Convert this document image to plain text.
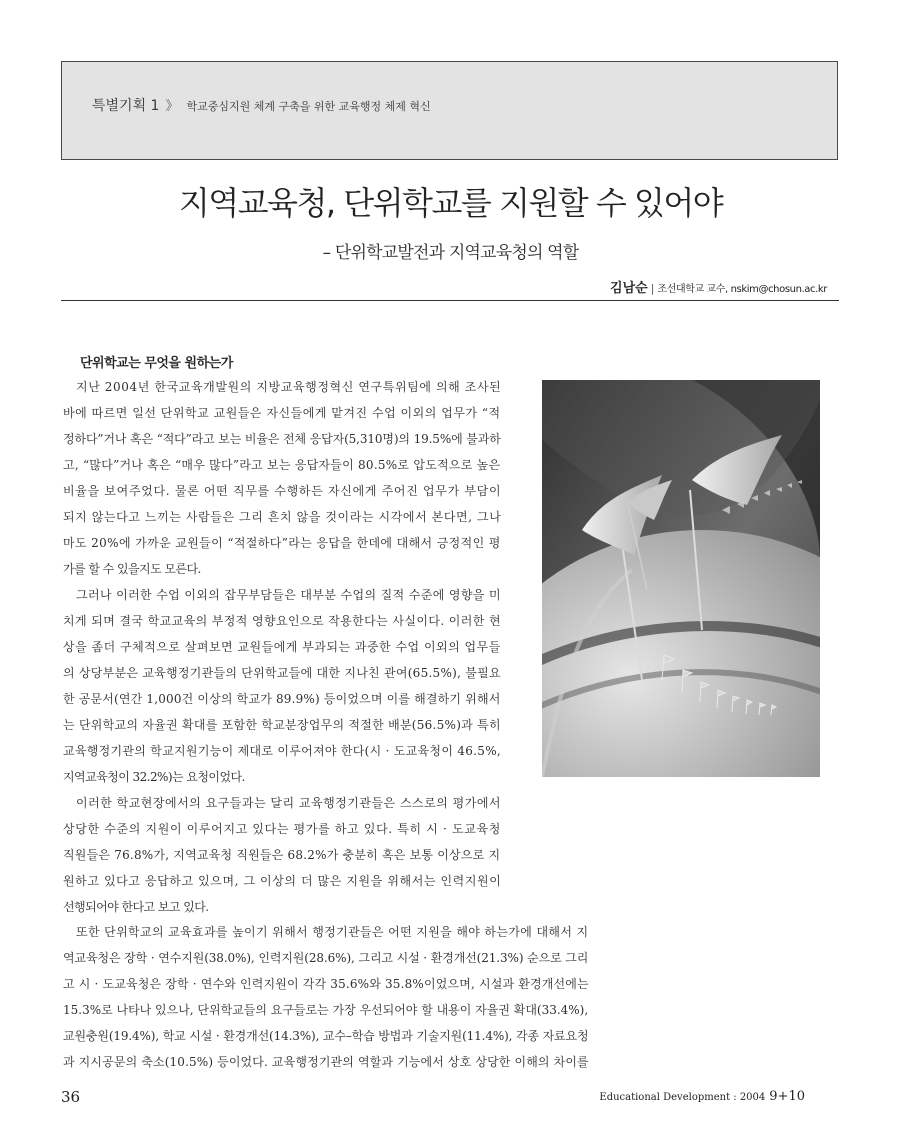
특별기획 1 》 학교중심지원 체계 구축을 위한 교육행정 체제 혁신
지역교육청, 단위학교를 지원할 수 있어야
– 단위학교발전과 지역교육청의 역할
김남순 | 조선대학교 교수, nskim@chosun.ac.kr
단위학교는 무엇을 원하는가
지난 2004년 한국교육개발원의 지방교육행정혁신 연구특위팀에 의해 조사된
바에 따르면 일선 단위학교 교원들은 자신들에게 맡겨진 수업 이외의 업무가 “적
정하다”거나 혹은 “적다”라고 보는 비율은 전체 응답자(5,310명)의 19.5%에 불과하
고, “많다”거나 혹은 “매우 많다”라고 보는 응답자들이 80.5%로 압도적으로 높은
비율을 보여주었다. 물론 어떤 직무를 수행하든 자신에게 주어진 업무가 부담이
되지 않는다고 느끼는 사람들은 그리 흔치 않을 것이라는 시각에서 본다면, 그나
마도 20%에 가까운 교원들이 “적절하다”라는 응답을 한데에 대해서 긍정적인 평
가를 할 수 있을지도 모른다.
그러나 이러한 수업 이외의 잡무부담들은 대부분 수업의 질적 수준에 영향을 미
치게 되며 결국 학교교육의 부정적 영향요인으로 작용한다는 사실이다. 이러한 현
상을 좀더 구체적으로 살펴보면 교원들에게 부과되는 과중한 수업 이외의 업무들
의 상당부분은 교육행정기관들의 단위학교들에 대한 지나친 관여(65.5%), 불필요
한 공문서(연간 1,000건 이상의 학교가 89.9%) 등이었으며 이를 해결하기 위해서
는 단위학교의 자율권 확대를 포함한 학교분장업무의 적절한 배분(56.5%)과 특히
교육행정기관의 학교지원기능이 제대로 이루어져야 한다(시 · 도교육청이 46.5%,
지역교육청이 32.2%)는 요청이었다.
이러한 학교현장에서의 요구들과는 달리 교육행정기관들은 스스로의 평가에서
상당한 수준의 지원이 이루어지고 있다는 평가를 하고 있다. 특히 시 · 도교육청
직원들은 76.8%가, 지역교육청 직원들은 68.2%가 충분히 혹은 보통 이상으로 지
원하고 있다고 응답하고 있으며, 그 이상의 더 많은 지원을 위해서는 인력지원이
선행되어야 한다고 보고 있다.
또한 단위학교의 교육효과를 높이기 위해서 행정기관들은 어떤 지원을 해야 하는가에 대해서 지
역교육청은 장학 · 연수지원(38.0%), 인력지원(28.6%), 그리고 시설 · 환경개선(21.3%) 순으로 그리
고 시 · 도교육청은 장학 · 연수와 인력지원이 각각 35.6%와 35.8%이었으며, 시설과 환경개선에는
15.3%로 나타나 있으나, 단위학교들의 요구들로는 가장 우선되어야 할 내용이 자율권 확대(33.4%),
교원충원(19.4%), 학교 시설 · 환경개선(14.3%), 교수–학습 방법과 기술지원(11.4%), 각종 자료요청
과 지시공문의 축소(10.5%) 등이었다. 교육행정기관의 역할과 기능에서 상호 상당한 이해의 차이를
36	Educational Development : 2004 9+10
